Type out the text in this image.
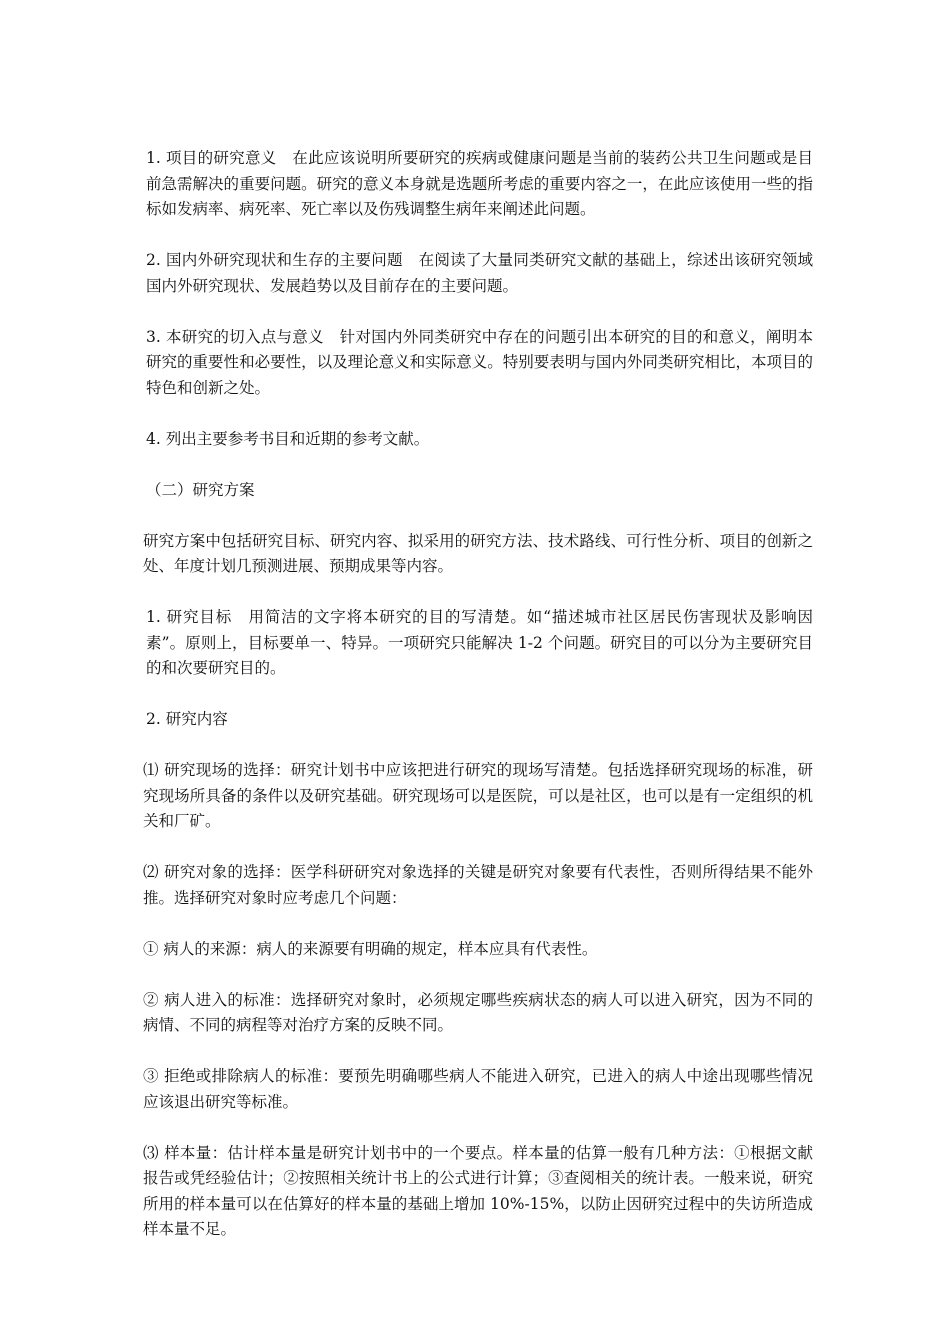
1. 项目的研究意义　在此应该说明所要研究的疾病或健康问题是当前的装药公共卫生问题或是目前急需解决的重要问题。研究的意义本身就是选题所考虑的重要内容之一，在此应该使用一些的指标如发病率、病死率、死亡率以及伤残调整生病年来阐述此问题。

2. 国内外研究现状和生存的主要问题　在阅读了大量同类研究文献的基础上，综述出该研究领域国内外研究现状、发展趋势以及目前存在的主要问题。

3. 本研究的切入点与意义　针对国内外同类研究中存在的问题引出本研究的目的和意义，阐明本研究的重要性和必要性，以及理论意义和实际意义。特别要表明与国内外同类研究相比，本项目的特色和创新之处。

4. 列出主要参考书目和近期的参考文献。

（二）研究方案

研究方案中包括研究目标、研究内容、拟采用的研究方法、技术路线、可行性分析、项目的创新之处、年度计划几预测进展、预期成果等内容。

1. 研究目标　用简洁的文字将本研究的目的写清楚。如“描述城市社区居民伤害现状及影响因素”。原则上，目标要单一、特异。一项研究只能解决 1-2 个问题。研究目的可以分为主要研究目的和次要研究目的。

2. 研究内容

⑴ 研究现场的选择：研究计划书中应该把进行研究的现场写清楚。包括选择研究现场的标准，研究现场所具备的条件以及研究基础。研究现场可以是医院，可以是社区，也可以是有一定组织的机关和厂矿。

⑵ 研究对象的选择：医学科研研究对象选择的关键是研究对象要有代表性，否则所得结果不能外推。选择研究对象时应考虑几个问题：

① 病人的来源：病人的来源要有明确的规定，样本应具有代表性。

② 病人进入的标准：选择研究对象时，必须规定哪些疾病状态的病人可以进入研究，因为不同的病情、不同的病程等对治疗方案的反映不同。

③ 拒绝或排除病人的标准：要预先明确哪些病人不能进入研究，已进入的病人中途出现哪些情况应该退出研究等标准。

⑶ 样本量：估计样本量是研究计划书中的一个要点。样本量的估算一般有几种方法：①根据文献报告或凭经验估计；②按照相关统计书上的公式进行计算；③查阅相关的统计表。一般来说，研究所用的样本量可以在估算好的样本量的基础上增加 10%-15%，以防止因研究过程中的失访所造成样本量不足。
